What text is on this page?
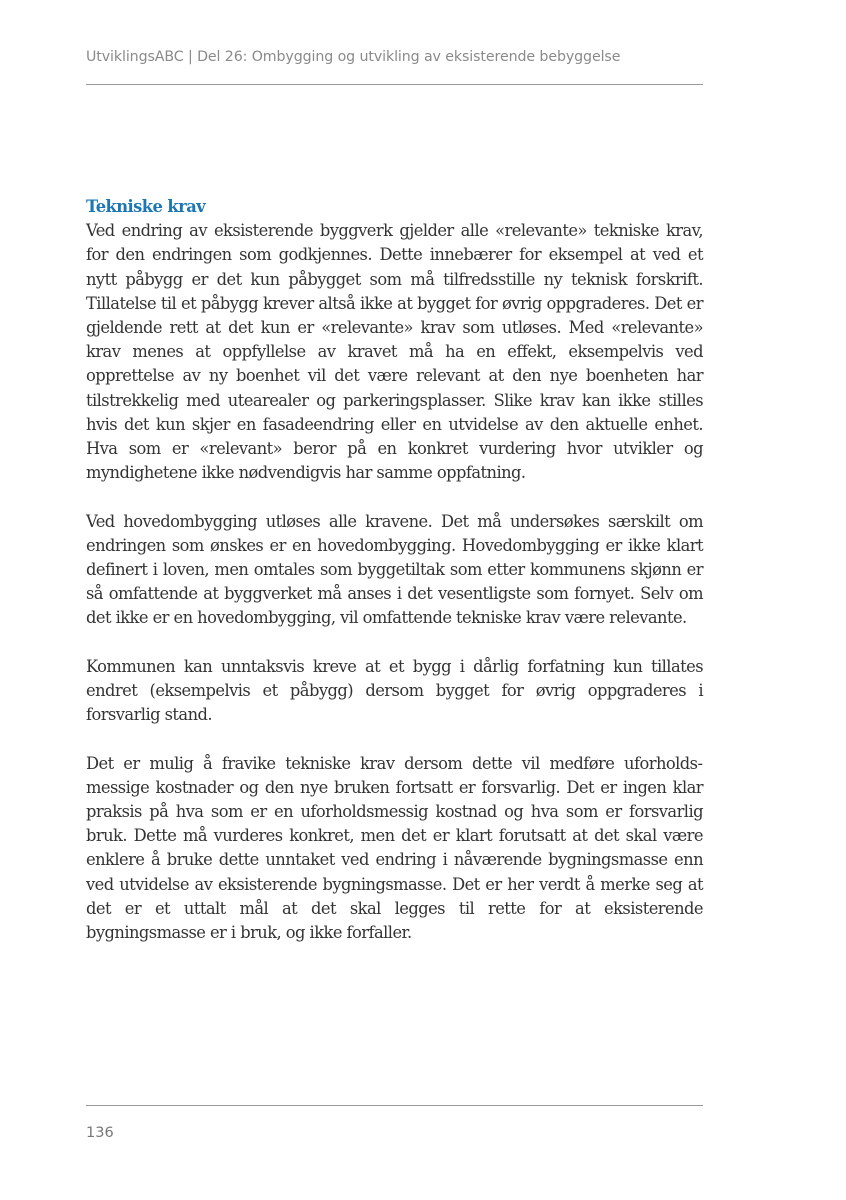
UtviklingsABC | Del 26: Ombygging og utvikling av eksisterende bebyggelse
Tekniske krav

Ved endring av eksisterende byggverk gjelder alle «relevante» tekniske krav, for den endringen som godkjennes. Dette innebærer for eksempel at ved et nytt påbygg er det kun påbygget som må tilfredsstille ny teknisk forskrift. Tillatelse til et påbygg krever altså ikke at bygget for øvrig oppgraderes. Det er gjeldende rett at det kun er «relevante» krav som utløses. Med «relevante» krav menes at oppfyllelse av kravet må ha en effekt, eksempelvis ved opprettelse av ny boenhet vil det være relevant at den nye boenheten har tilstrekkelig med utearealer og parkeringsplasser. Slike krav kan ikke stilles hvis det kun skjer en fasadeendring eller en utvidelse av den aktuelle enhet. Hva som er «relevant» beror på en konkret vurdering hvor utvikler og myndighetene ikke nødvendigvis har samme oppfatning.

Ved hovedombygging utløses alle kravene. Det må undersøkes særskilt om endringen som ønskes er en hovedombygging. Hovedombygging er ikke klart definert i loven, men omtales som byggetiltak som etter kommunens skjønn er så omfattende at byggverket må anses i det vesentligste som fornyet. Selv om det ikke er en hovedombygging, vil omfattende tekniske krav være relevante.

Kommunen kan unntaksvis kreve at et bygg i dårlig forfatning kun tillates endret (eksempelvis et påbygg) dersom bygget for øvrig oppgraderes i forsvarlig stand.

Det er mulig å fravike tekniske krav dersom dette vil medføre uforholdsmessige kostnader og den nye bruken fortsatt er forsvarlig. Det er ingen klar praksis på hva som er en uforholdsmessig kostnad og hva som er forsvarlig bruk. Dette må vurderes konkret, men det er klart forutsatt at det skal være enklere å bruke dette unntaket ved endring i nåværende bygningsmasse enn ved utvidelse av eksisterende bygningsmasse. Det er her verdt å merke seg at det er et uttalt mål at det skal legges til rette for at eksisterende bygningsmasse er i bruk, og ikke forfaller.

136
